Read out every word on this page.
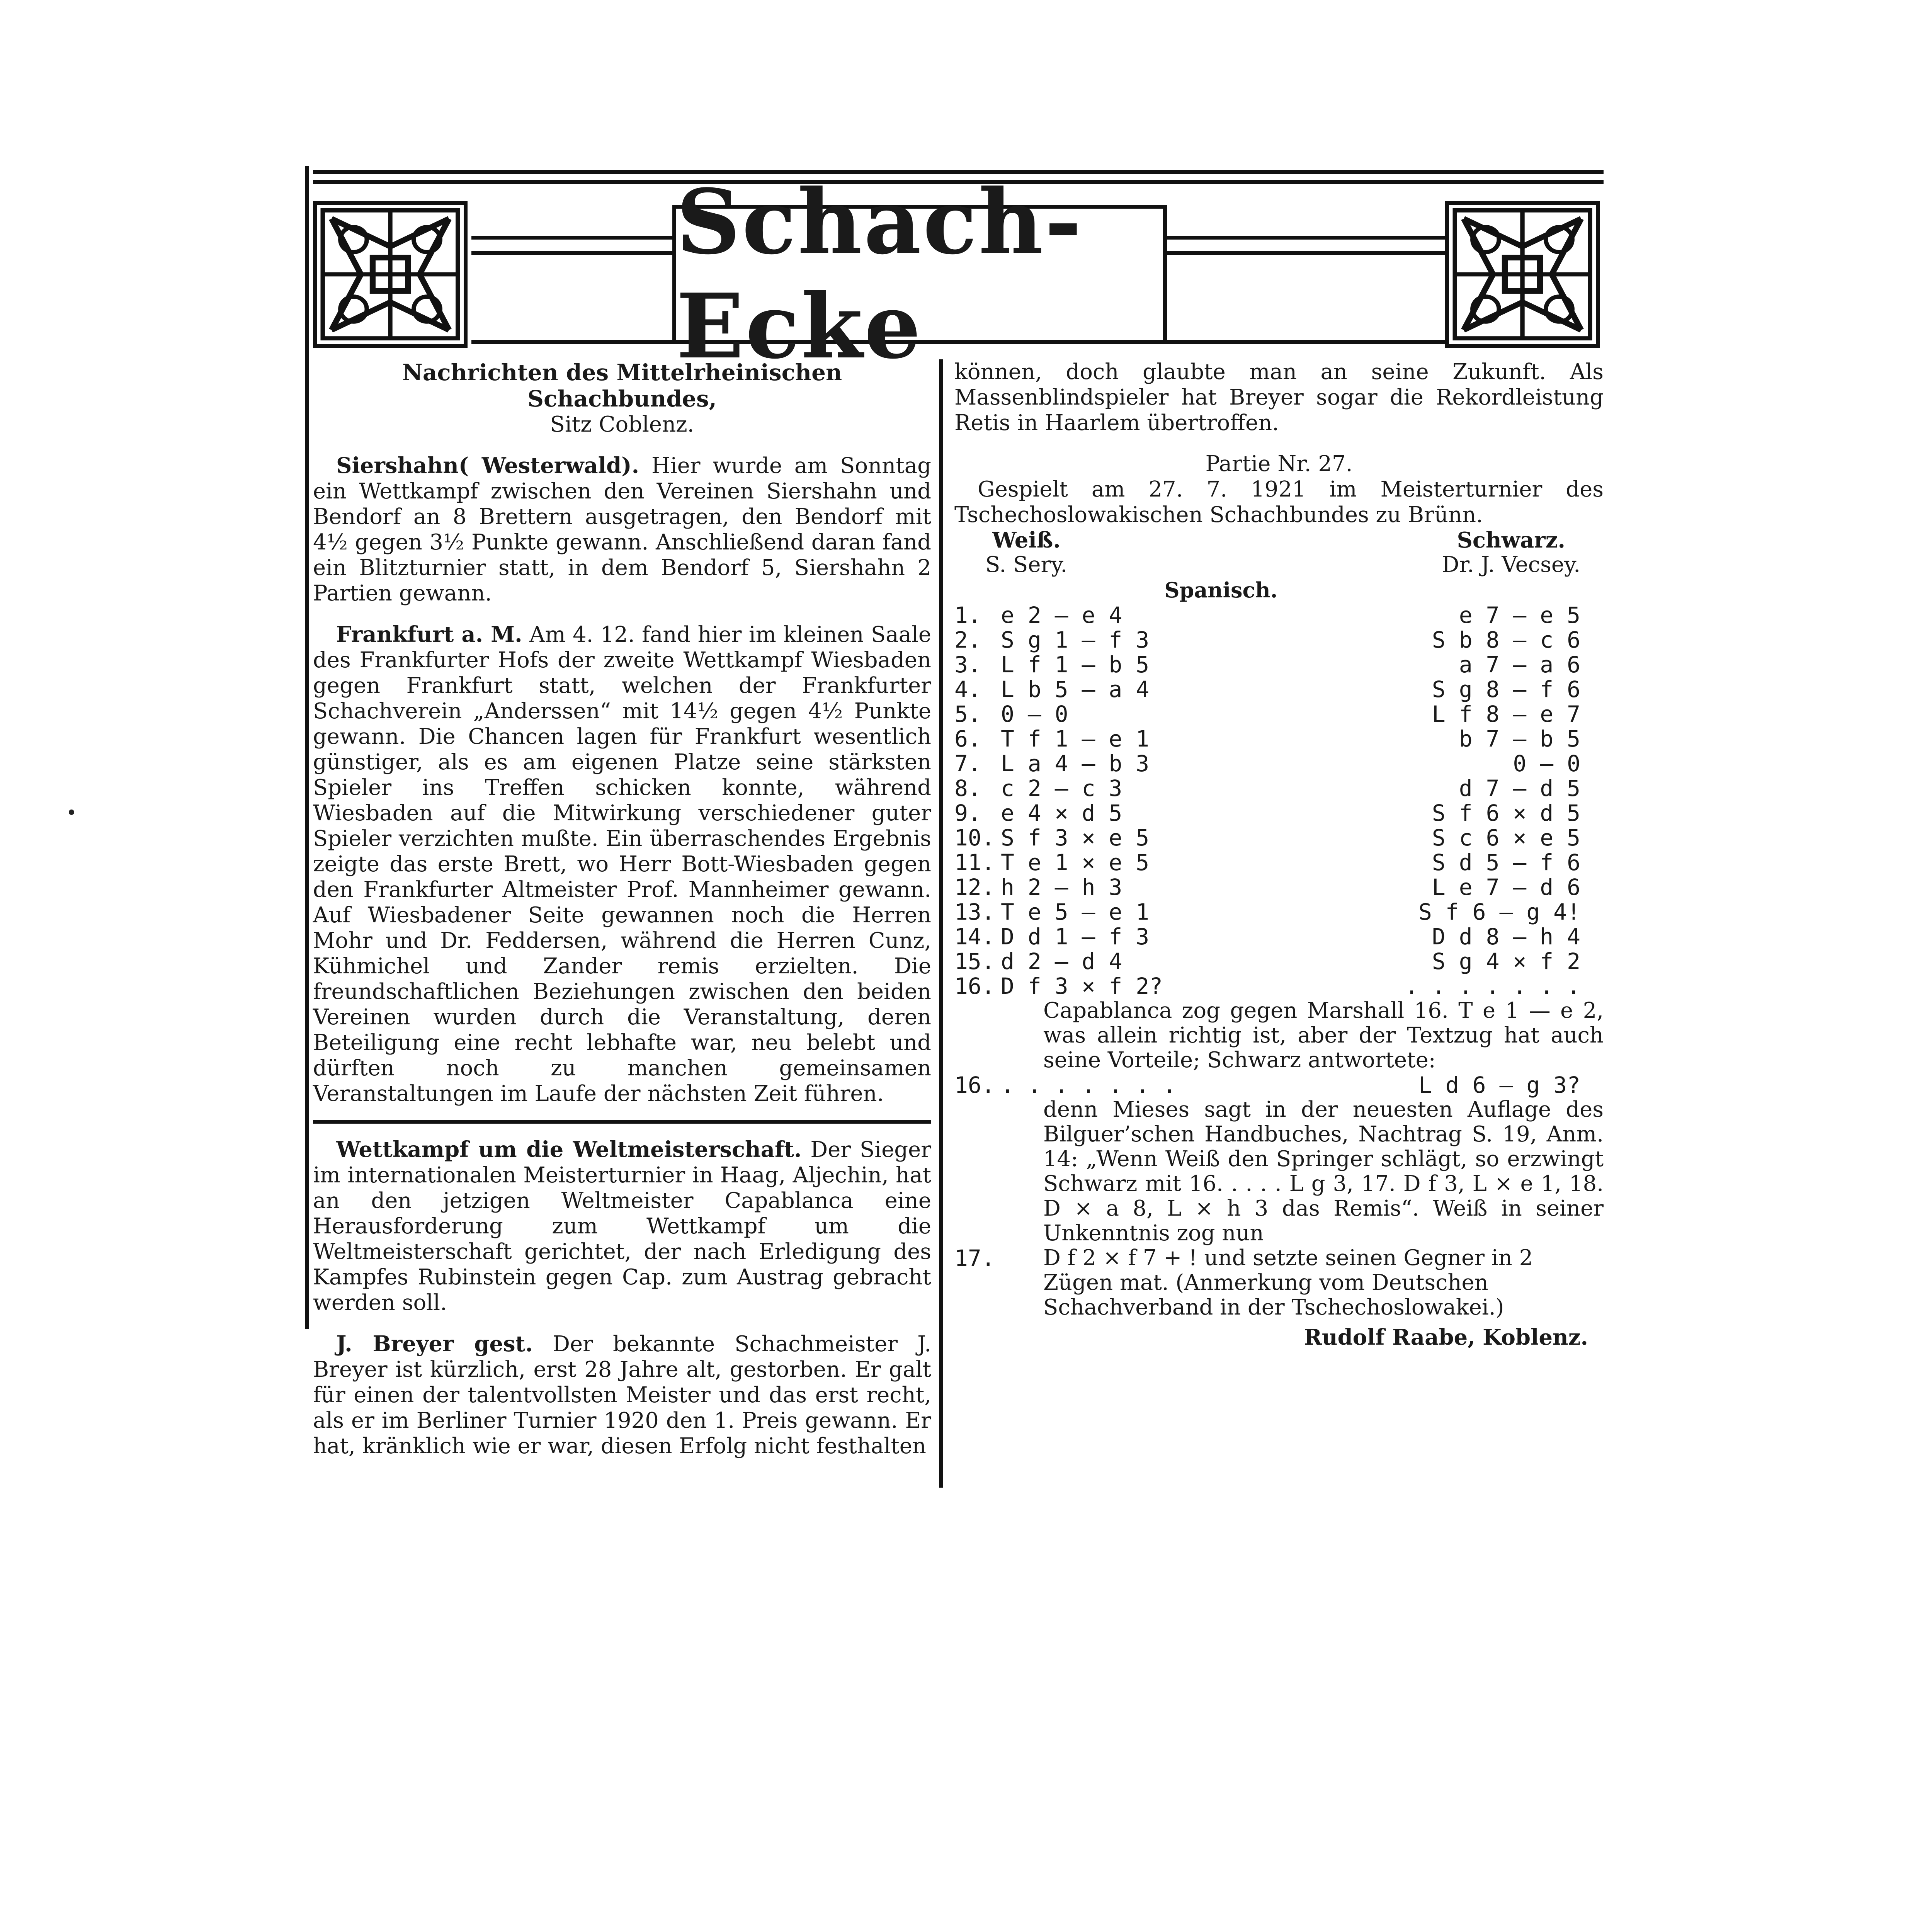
Schach-Ecke

Nachrichten des Mittelrheinischen Schachbundes,

Sitz Coblenz.

Siershahn( Westerwald). Hier wurde am Sonntag ein Wettkampf zwischen den Vereinen Siershahn und Bendorf an 8 Brettern ausgetragen, den Bendorf mit 4½ gegen 3½ Punkte gewann. Anschließend daran fand ein Blitzturnier statt, in dem Bendorf 5, Siershahn 2 Partien gewann.

Frankfurt a. M. Am 4. 12. fand hier im kleinen Saale des Frankfurter Hofs der zweite Wettkampf Wiesbaden gegen Frankfurt statt, welchen der Frankfurter Schachverein „Anderssen“ mit 14½ gegen 4½ Punkte gewann. Die Chancen lagen für Frankfurt wesentlich günstiger, als es am eigenen Platze seine stärksten Spieler ins Treffen schicken konnte, während Wiesbaden auf die Mitwirkung verschiedener guter Spieler verzichten mußte. Ein überraschendes Ergebnis zeigte das erste Brett, wo Herr Bott-Wiesbaden gegen den Frankfurter Altmeister Prof. Mannheimer gewann. Auf Wiesbadener Seite gewannen noch die Herren Mohr und Dr. Feddersen, während die Herren Cunz, Kühmichel und Zander remis erzielten. Die freundschaftlichen Beziehungen zwischen den beiden Vereinen wurden durch die Veranstaltung, deren Beteiligung eine recht lebhafte war, neu belebt und dürften noch zu manchen gemeinsamen Veranstaltungen im Laufe der nächsten Zeit führen.

Wettkampf um die Weltmeisterschaft. Der Sieger im internationalen Meisterturnier in Haag, Aljechin, hat an den jetzigen Weltmeister Capablanca eine Herausforderung zum Wettkampf um die Weltmeisterschaft gerichtet, der nach Erledigung des Kampfes Rubinstein gegen Cap. zum Austrag gebracht werden soll.

J. Breyer gest. Der bekannte Schachmeister J. Breyer ist kürzlich, erst 28 Jahre alt, gestorben. Er galt für einen der talentvollsten Meister und das erst recht, als er im Berliner Turnier 1920 den 1. Preis gewann. Er hat, kränklich wie er war, diesen Erfolg nicht festhalten

können, doch glaubte man an seine Zukunft. Als Massenblindspieler hat Breyer sogar die Rekordleistung Retis in Haarlem übertroffen.

Partie Nr. 27.

Gespielt am 27. 7. 1921 im Meisterturnier des Tschechoslowakischen Schachbundes zu Brünn.

Weiß.
S. Sery.
Schwarz.
Dr. J. Vecsey.

Spanisch.

1.	e 2 — e 4	e 7 — e 5
2.	S g 1 — f 3	S b 8 — c 6
3.	L f 1 — b 5	a 7 — a 6
4.	L b 5 — a 4	S g 8 — f 6
5.	0 — 0	L f 8 — e 7
6.	T f 1 — e 1	b 7 — b 5
7.	L a 4 — b 3	0 — 0
8.	c 2 — c 3	d 7 — d 5
9.	e 4 × d 5	S f 6 × d 5
10.	S f 3 × e 5	S c 6 × e 5
11.	T e 1 × e 5	S d 5 — f 6
12.	h 2 — h 3	L e 7 — d 6
13.	T e 5 — e 1	S f 6 — g 4!
14.	D d 1 — f 3	D d 8 — h 4
15.	d 2 — d 4	S g 4 × f 2
16.	D f 3 × f 2?	. . . . . . .

Capablanca zog gegen Marshall 16. T e 1 — e 2, was allein richtig ist, aber der Textzug hat auch seine Vorteile; Schwarz antwortete:

16.	. . . . . . .	L d 6 — g 3?

denn Mieses sagt in der neuesten Auflage des Bilguer’schen Handbuches, Nachtrag S. 19, Anm. 14: „Wenn Weiß den Springer schlägt, so erzwingt Schwarz mit 16. . . . . L g 3, 17. D f 3, L × e 1, 18. D × a 8, L × h 3 das Remis“. Weiß in seiner Unkenntnis zog nun

17.	D f 2 × f 7 + ! und setzte seinen Gegner in 2 Zügen mat. (Anmerkung vom Deutschen Schachverband in der Tschechoslowakei.)

Rudolf Raabe, Koblenz.
